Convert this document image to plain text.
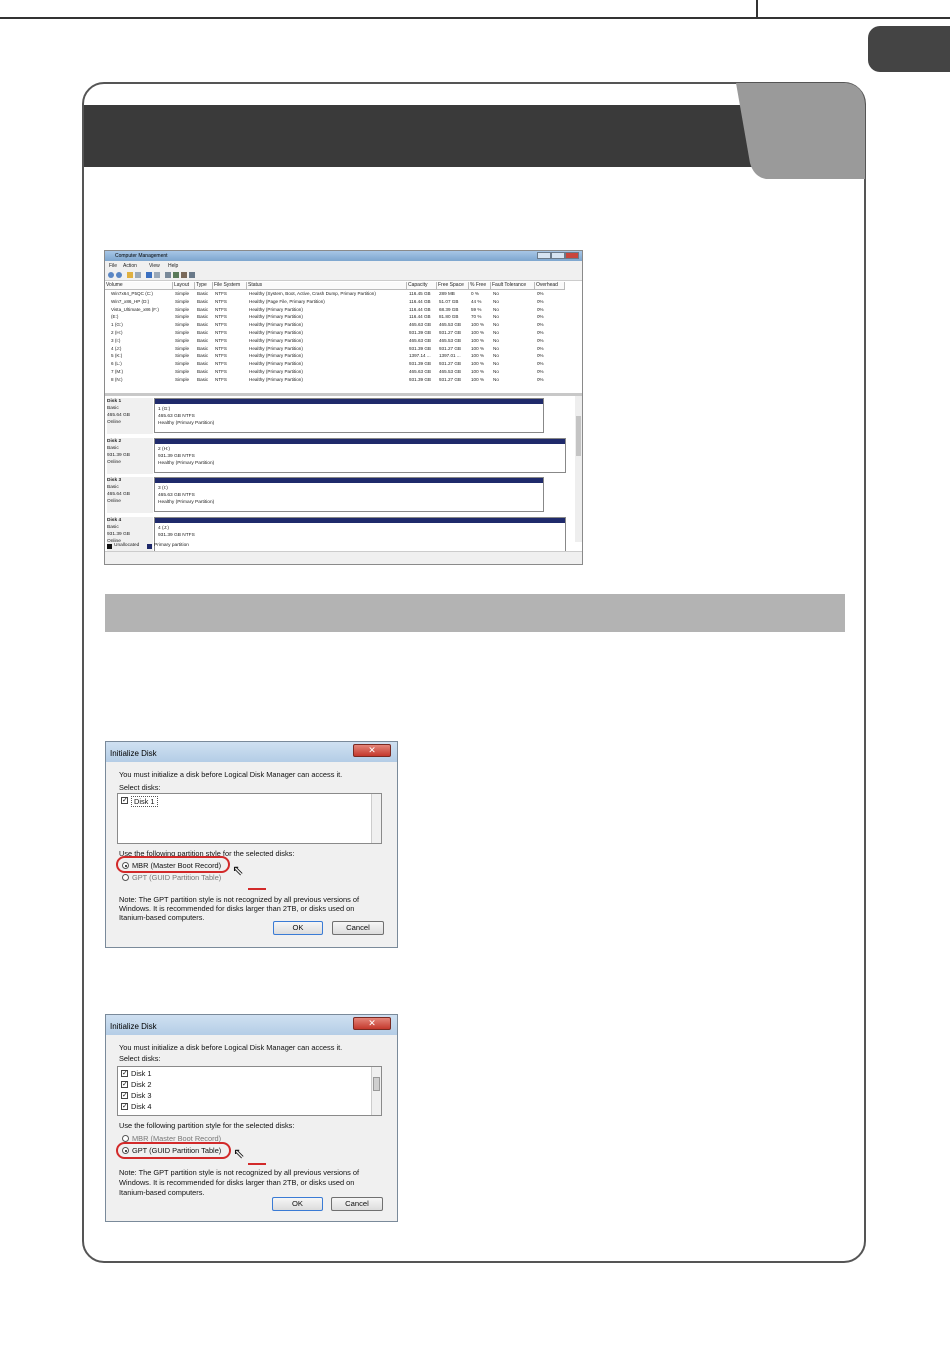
Computer Management
File Action View Help
Volume	Layout	Type	File System	Status	Capacity	Free Space	% Free	Fault Tolerance	Overhead
Win7x64_P5QC (C:)	Simple Basic NTFS	Healthy (System, Boot, Active, Crash Dump, Primary Partition)	116.45 GB 289 MB	0 %	No	0%
Win7_x86_HP (D:)	Simple Basic NTFS	Healthy (Page File, Primary Partition)	116.44 GB 51.07 GB	44 %	No	0%
Vista_Ultimate_x86 (F:)	Simple Basic NTFS	Healthy (Primary Partition)	116.44 GB 68.39 GB	59 %	No	0%
(E:)	Simple Basic NTFS	Healthy (Primary Partition)	116.44 GB 81.80 GB	70 %	No	0%
1 (G:)	Simple Basic NTFS	Healthy (Primary Partition)	465.63 GB 465.53 GB 100 % No	0%
2 (H:)	Simple Basic NTFS	Healthy (Primary Partition)	931.39 GB 931.27 GB 100 % No	0%
3 (I:)	Simple Basic NTFS	Healthy (Primary Partition)	465.63 GB 465.53 GB 100 % No	0%
4 (J:)	Simple Basic NTFS	Healthy (Primary Partition)	931.39 GB 931.27 GB 100 % No	0%
5 (K:)	Simple Basic NTFS	Healthy (Primary Partition)	1397.14 ... 1397.01 ... 100 % No	0%
6 (L:)	Simple Basic NTFS	Healthy (Primary Partition)	931.39 GB 931.27 GB 100 % No	0%
7 (M:)	Simple Basic NTFS	Healthy (Primary Partition)	465.63 GB 465.53 GB 100 % No	0%
8 (N:)	Simple Basic NTFS	Healthy (Primary Partition)	931.39 GB 931.27 GB 100 % No	0%
Disk 1
Basic
465.64 GB
Online
1 (G:)
465.63 GB NTFS
Healthy (Primary Partition)
Disk 2
Basic
931.39 GB
Online
2 (H:)
931.39 GB NTFS
Healthy (Primary Partition)
Disk 3
Basic
465.64 GB
Online
3 (I:)
465.63 GB NTFS
Healthy (Primary Partition)
Disk 4
Basic
931.39 GB
Online
4 (J:)
931.39 GB NTFS
Unallocated	Primary partition
Initialize Disk	✕
You must initialize a disk before Logical Disk Manager can access it.
Select disks:
✓ Disk 1
Use the following partition style for the selected disks:
MBR (Master Boot Record)
GPT (GUID Partition Table) ⇖
Note: The GPT partition style is not recognized by all previous versions of
Windows. It is recommended for disks larger than 2TB, or disks used on
Itanium-based computers.
OK	Cancel
Initialize Disk	✕
You must initialize a disk before Logical Disk Manager can access it.
Select disks:
✓ Disk 1
✓ Disk 2
✓ Disk 3
✓ Disk 4
Use the following partition style for the selected disks:
MBR (Master Boot Record)
GPT (GUID Partition Table) ⇖
Note: The GPT partition style is not recognized by all previous versions of
Windows. It is recommended for disks larger than 2TB, or disks used on
Itanium-based computers.
OK	Cancel
